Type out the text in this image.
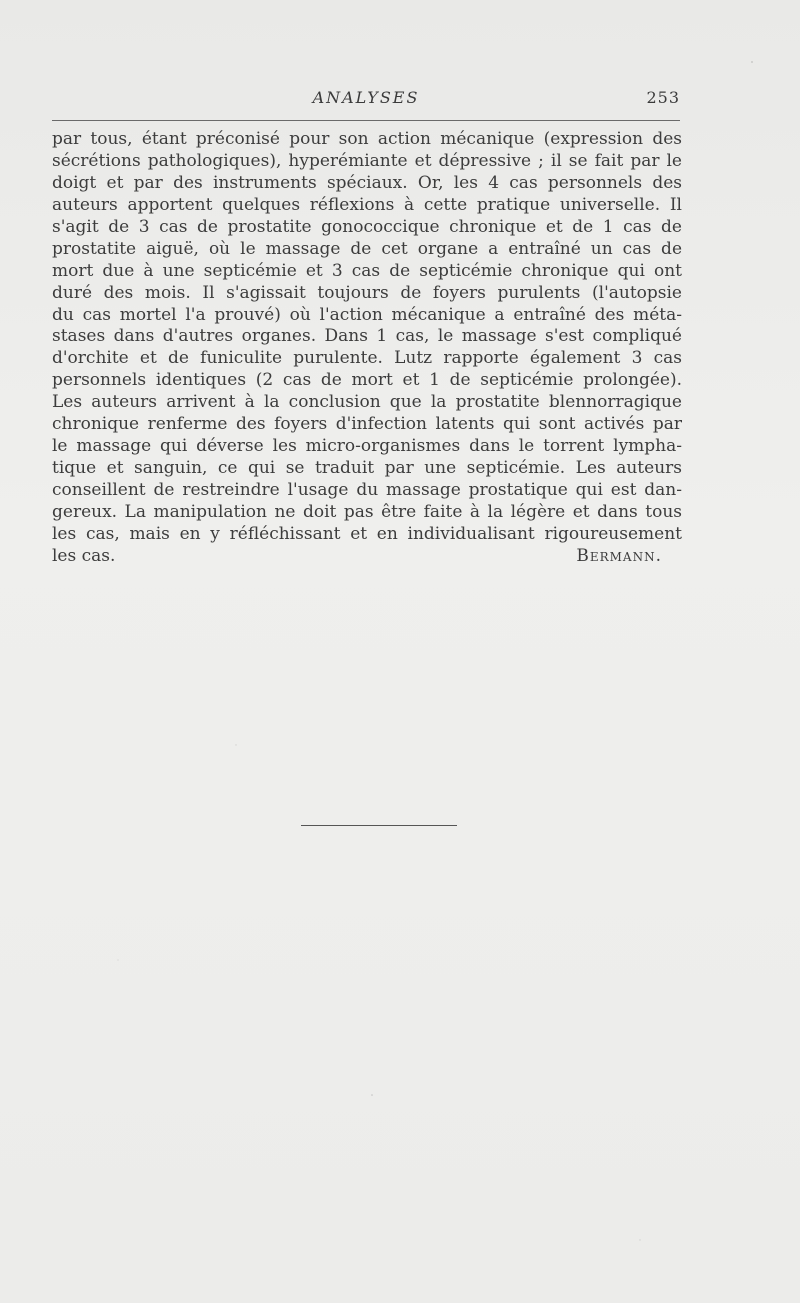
ANALYSES	253
par tous, étant préconisé pour son action mécanique (expression des
sécrétions pathologiques), hyperémiante et dépressive ; il se fait par le
doigt et par des instruments spéciaux. Or, les 4 cas personnels des
auteurs apportent quelques réflexions à cette pratique universelle. Il
s'agit de 3 cas de prostatite gonococcique chronique et de 1 cas de
prostatite aiguë, où le massage de cet organe a entraîné un cas de
mort due à une septicémie et 3 cas de septicémie chronique qui ont
duré des mois. Il s'agissait toujours de foyers purulents (l'autopsie
du cas mortel l'a prouvé) où l'action mécanique a entraîné des méta-
stases dans d'autres organes. Dans 1 cas, le massage s'est compliqué
d'orchite et de funiculite purulente. Lutz rapporte également 3 cas
personnels identiques (2 cas de mort et 1 de septicémie prolongée).
Les auteurs arrivent à la conclusion que la prostatite blennorragique
chronique renferme des foyers d'infection latents qui sont activés par
le massage qui déverse les micro-organismes dans le torrent lympha-
tique et sanguin, ce qui se traduit par une septicémie. Les auteurs
conseillent de restreindre l'usage du massage prostatique qui est dan-
gereux. La manipulation ne doit pas être faite à la légère et dans tous
les cas, mais en y réfléchissant et en individualisant rigoureusement
les cas.	Bermann.
